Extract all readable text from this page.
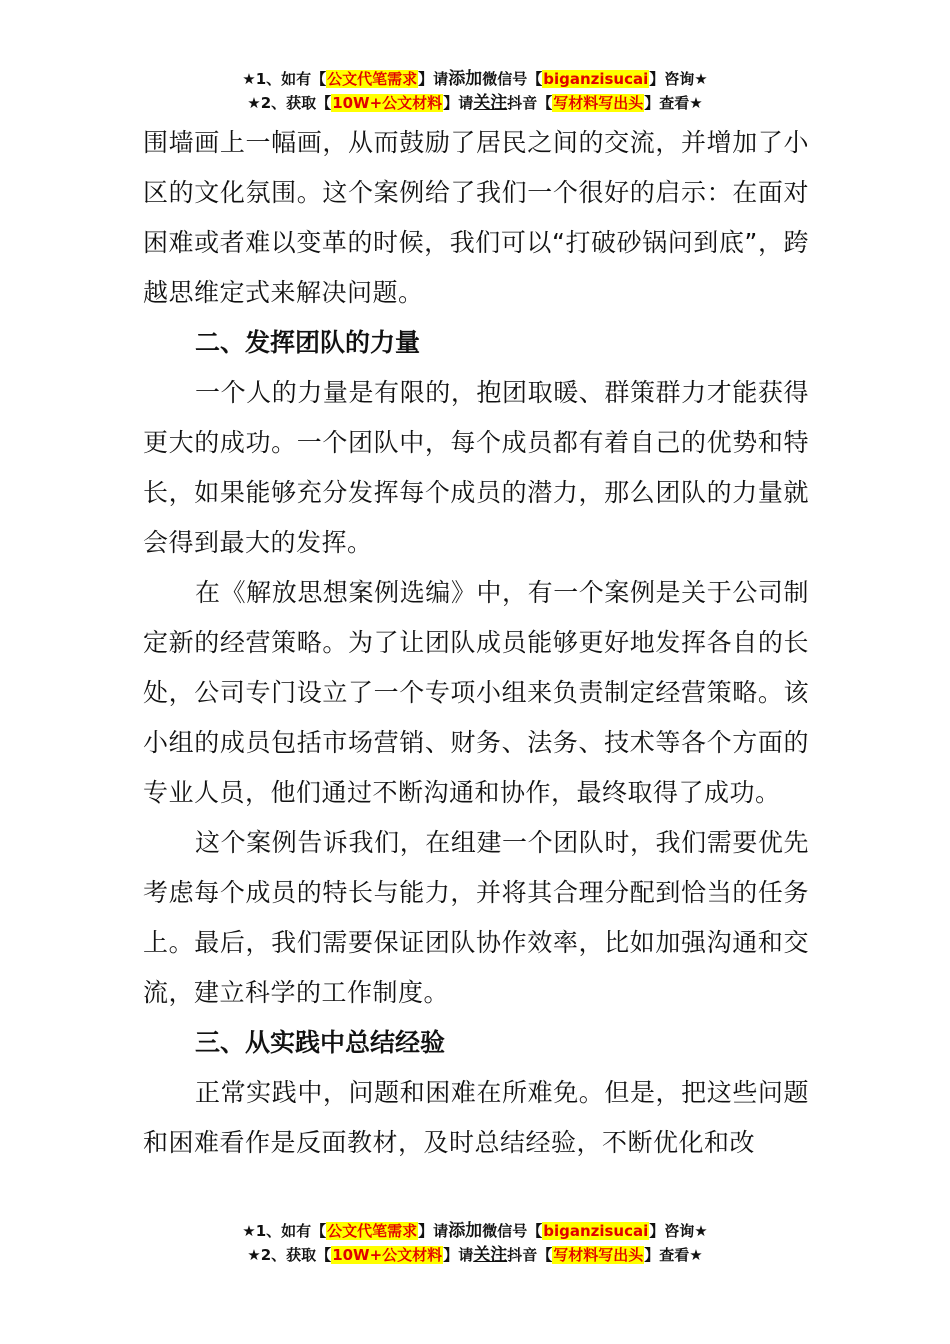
★1、如有【公文代笔需求】请添加微信号【biganzisucai】咨询★
★2、获取【10W+公文材料】请关注抖音【写材料写出头】查看★

围墙画上一幅画，从而鼓励了居民之间的交流，并增加了小区的文化氛围。这个案例给了我们一个很好的启示：在面对困难或者难以变革的时候，我们可以“打破砂锅问到底”，跨越思维定式来解决问题。

二、发挥团队的力量

一个人的力量是有限的，抱团取暖、群策群力才能获得更大的成功。一个团队中，每个成员都有着自己的优势和特长，如果能够充分发挥每个成员的潜力，那么团队的力量就会得到最大的发挥。

在《解放思想案例选编》中，有一个案例是关于公司制定新的经营策略。为了让团队成员能够更好地发挥各自的长处，公司专门设立了一个专项小组来负责制定经营策略。该小组的成员包括市场营销、财务、法务、技术等各个方面的专业人员，他们通过不断沟通和协作，最终取得了成功。

这个案例告诉我们，在组建一个团队时，我们需要优先考虑每个成员的特长与能力，并将其合理分配到恰当的任务上。最后，我们需要保证团队协作效率，比如加强沟通和交流，建立科学的工作制度。

三、从实践中总结经验

正常实践中，问题和困难在所难免。但是，把这些问题和困难看作是反面教材，及时总结经验，不断优化和改

★1、如有【公文代笔需求】请添加微信号【biganzisucai】咨询★
★2、获取【10W+公文材料】请关注抖音【写材料写出头】查看★
